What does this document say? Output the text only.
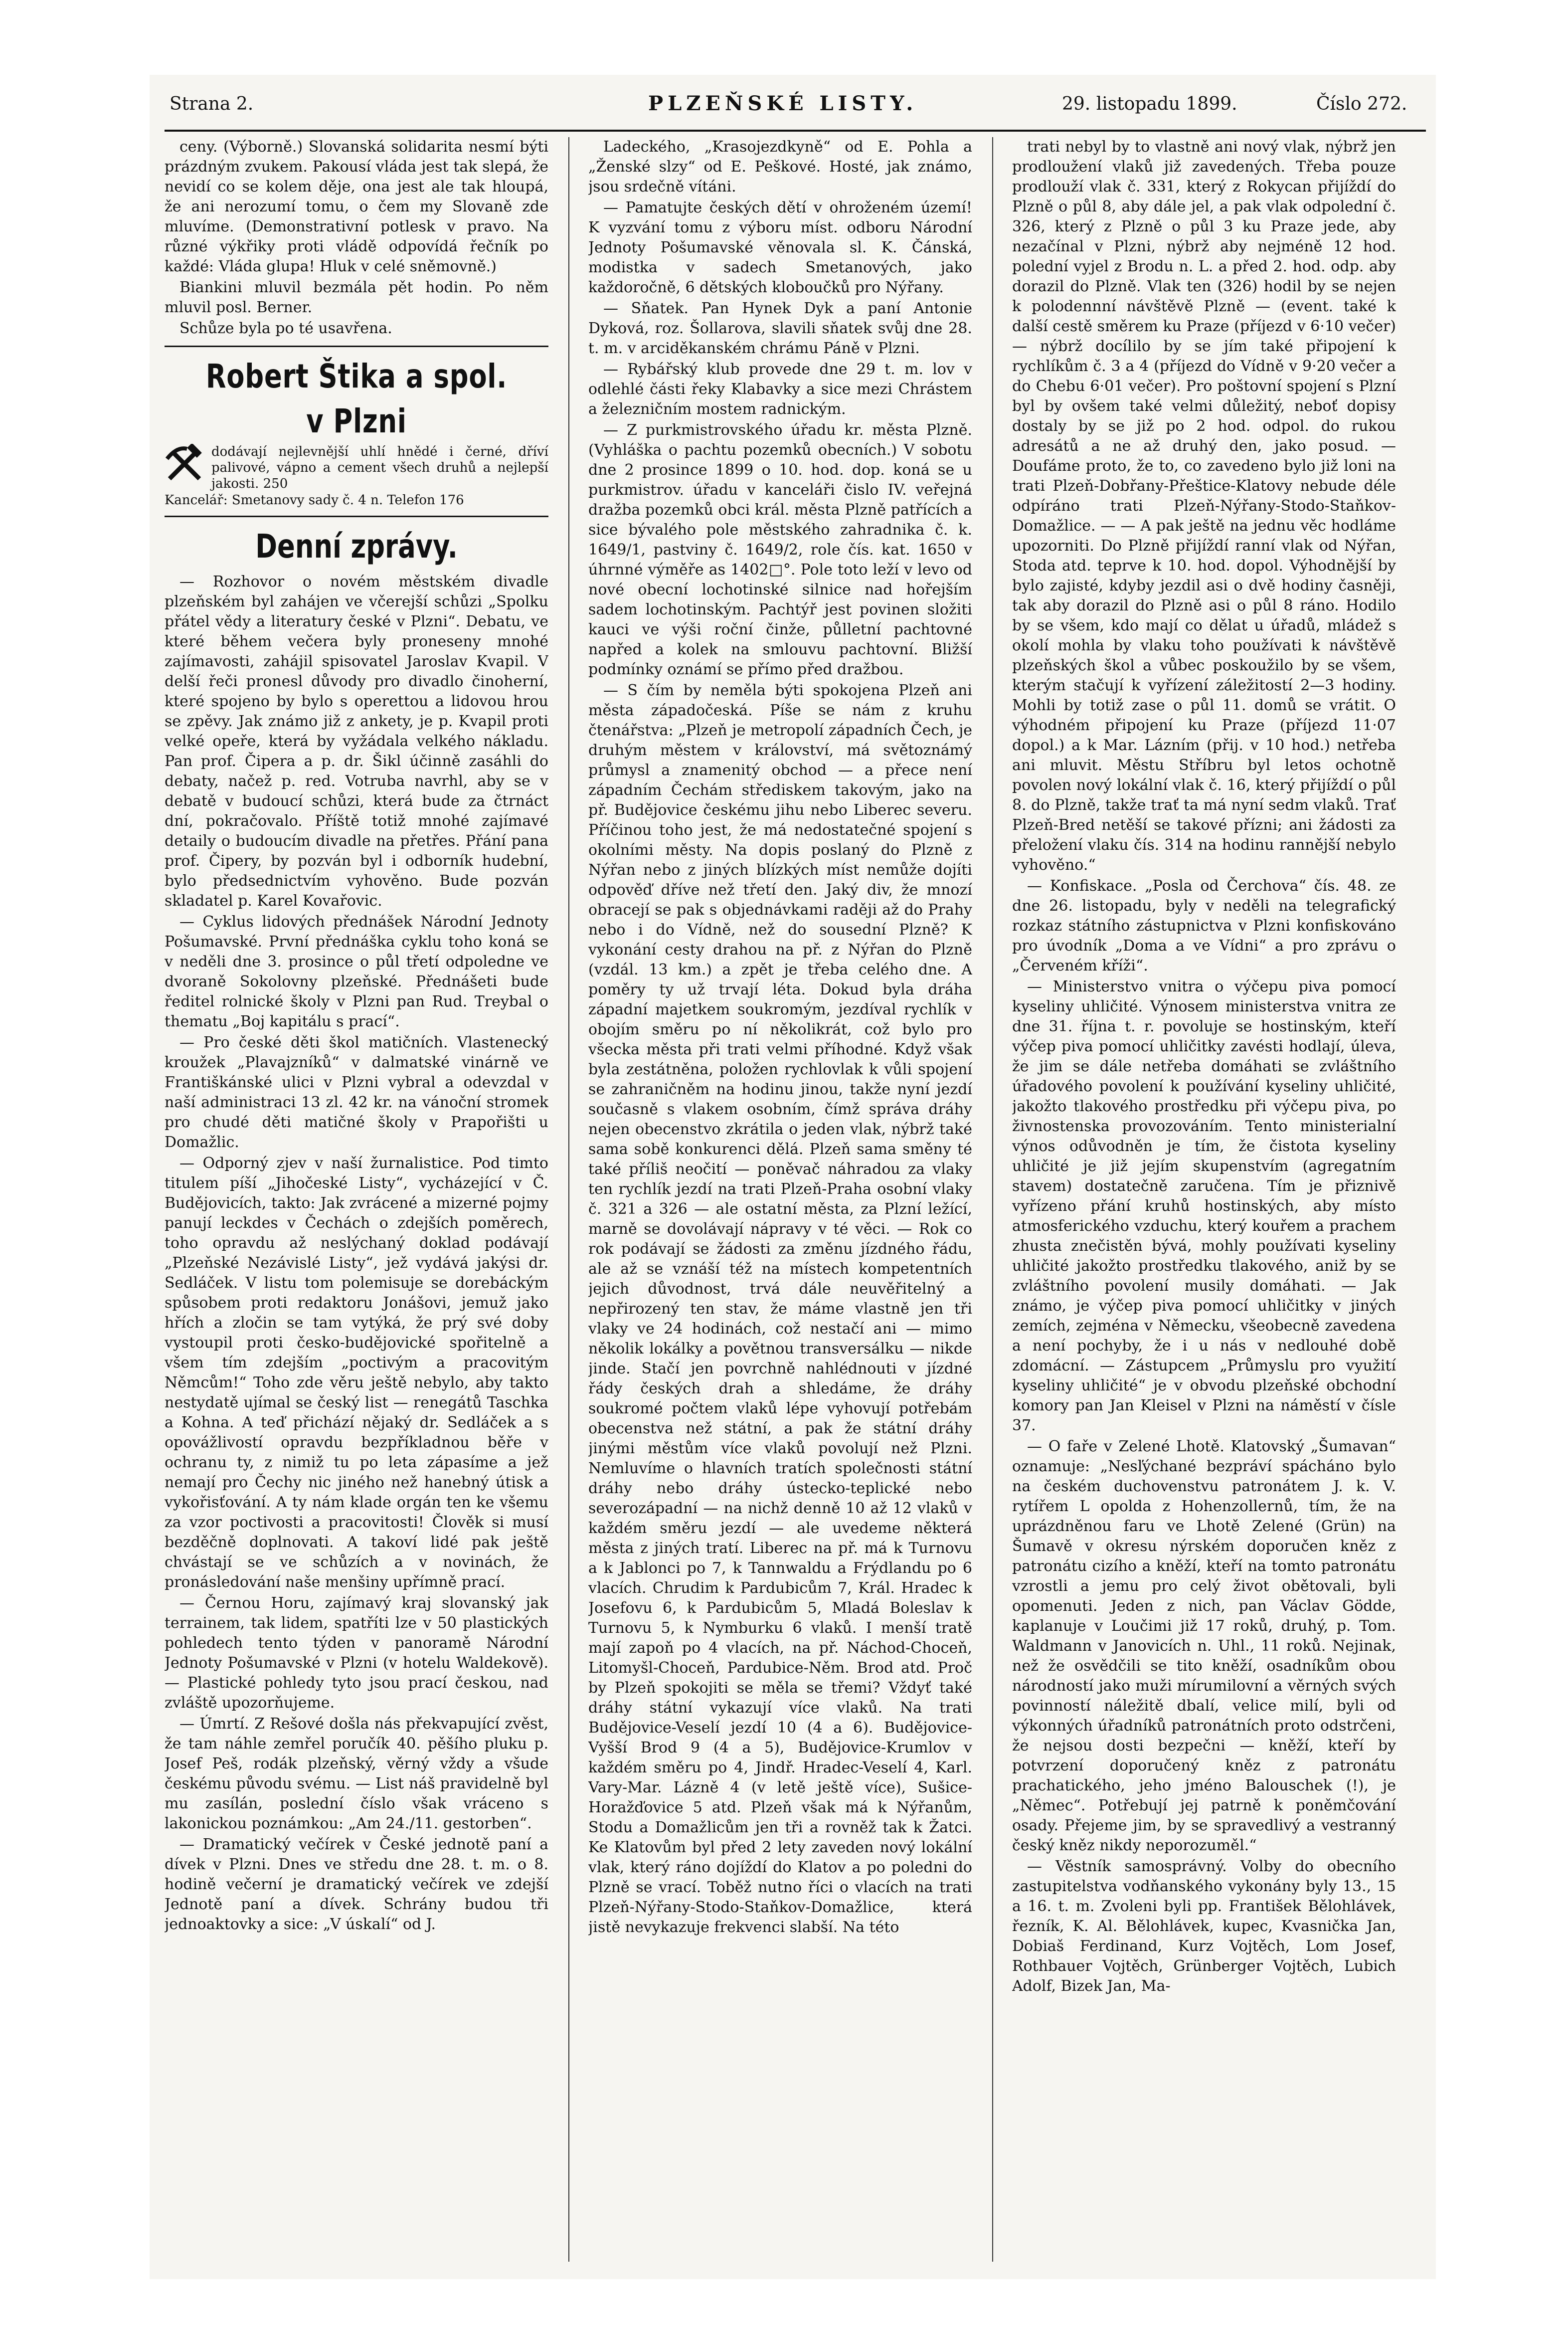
Strana 2.	PLZEŇSKÉ LISTY.	29. listopadu 1899.	Číslo 272.

ceny. (Výborně.) Slovanská solidarita nesmí býti prázdným zvukem. Pakousí vláda jest tak slepá, že nevidí co se kolem děje, ona jest ale tak hloupá, že ani nerozumí tomu, o čem my Slovaně zde mluvíme. (Demonstrativní potlesk v pravo. Na různé výkřiky proti vládě odpovídá řečník po každé: Vláda glupa! Hluk v celé sněmovně.)

Biankini mluvil bezmála pět hodin. Po něm mluvil posl. Berner.

Schůze byla po té usavřena.

Robert Štika a spol. v Plzni
dodávají nejlevnější uhlí hnědé i černé, dříví palivové, vápno a cement všech druhů a nejlepší jakosti. 250
Kancelář: Smetanovy sady č. 4 n. Telefon 176
Denní zprávy.

— Rozhovor o novém městském divadle plzeňském byl zahájen ve včerejší schůzi „Spolku přátel vědy a literatury české v Plzni“. Debatu, ve které během večera byly proneseny mnohé zajímavosti, zahájil spisovatel Jaroslav Kvapil. V delší řeči pronesl důvody pro divadlo činoherní, které spojeno by bylo s operettou a lidovou hrou se zpěvy. Jak známo již z ankety, je p. Kvapil proti velké opeře, která by vyžádala velkého nákladu. Pan prof. Čipera a p. dr. Šikl účinně zasáhli do debaty, načež p. red. Votruba navrhl, aby se v debatě v budoucí schůzi, která bude za čtrnáct dní, pokračovalo. Příště totiž mnohé zajímavé detaily o budoucím divadle na přetřes. Přání pana prof. Čipery, by pozván byl i odborník hudební, bylo předsednictvím vyhověno. Bude pozván skladatel p. Karel Kovařovic.

— Cyklus lidových přednášek Národní Jednoty Pošumavské. První přednáška cyklu toho koná se v neděli dne 3. prosince o půl třetí odpoledne ve dvoraně Sokolovny plzeňské. Přednášeti bude ředitel rolnické školy v Plzni pan Rud. Treybal o thematu „Boj kapitálu s prací“.

— Pro české děti škol matičních. Vlastenecký kroužek „Plavajzníků“ v dalmatské vinárně ve Františkánské ulici v Plzni vybral a odevzdal v naší administraci 13 zl. 42 kr. na vánoční stromek pro chudé děti matičné školy v Prapořišti u Domažlic.

— Odporný zjev v naší žurnalistice. Pod timto titulem píší „Jihočeské Listy“, vycházející v Č. Budějovicích, takto: Jak zvrácené a mizerné pojmy panují leckdes v Čechách o zdejších poměrech, toho opravdu až neslýchaný doklad podávají „Plzeňské Nezávislé Listy“, jež vydává jakýsi dr. Sedláček. V listu tom polemisuje se dorebáckým spůsobem proti redaktoru Jonášovi, jemuž jako hřích a zločin se tam vytýká, že prý své doby vystoupil proti česko-budějovické spořitelně a všem tím zdejším „poctivým a pracovitým Němcům!“ Toho zde věru ještě nebylo, aby takto nestydatě ujímal se český list — renegátů Taschka a Kohna. A teď přichází nějaký dr. Sedláček a s opovážlivostí opravdu bezpříkladnou běře v ochranu ty, z nimiž tu po leta zápasíme a jež nemají pro Čechy nic jiného než hanebný útisk a vykořisťování. A ty nám klade orgán ten ke všemu za vzor poctivosti a pracovitosti! Člověk si musí bezděčně doplnovati. A takoví lidé pak ještě chvástají se ve schůzích a v novinách, že pronásledování naše menšiny upřímně prací.

— Černou Horu, zajímavý kraj slovanský jak terrainem, tak lidem, spatříti lze v 50 plastických pohledech tento týden v panoramě Národní Jednoty Pošumavské v Plzni (v hotelu Waldekově). — Plastické pohledy tyto jsou prací českou, nad zvláště upozorňujeme.

— Úmrtí. Z Rešové došla nás překvapující zvěst, že tam náhle zemřel poručík 40. pěšího pluku p. Josef Peš, rodák plzeňský, věrný vždy a všude českému původu svému. — List náš pravidelně byl mu zasílán, poslední číslo však vráceno s lakonickou poznámkou: „Am 24./11. gestorben“.

— Dramatický večírek v České jednotě paní a dívek v Plzni. Dnes ve středu dne 28. t. m. o 8. hodině večerní je dramatický večírek ve zdejší Jednotě paní a dívek. Schrány budou tři jednoaktovky a sice: „V úskalí“ od J.

Ladeckého, „Krasojezdkyně“ od E. Pohla a „Ženské slzy“ od E. Peškové. Hosté, jak známo, jsou srdečně vítáni.

— Pamatujte českých dětí v ohroženém území! K vyzvání tomu z výboru míst. odboru Národní Jednoty Pošumavské věnovala sl. K. Čánská, modistka v sadech Smetanových, jako každoročně, 6 dětských kloboučků pro Nýřany.

— Sňatek. Pan Hynek Dyk a paní Antonie Dyková, roz. Šollarova, slavili sňatek svůj dne 28. t. m. v arciděkanském chrámu Páně v Plzni.

— Rybářský klub provede dne 29 t. m. lov v odlehlé části řeky Klabavky a sice mezi Chrástem a železničním mostem radnickým.

— Z purkmistrovského úřadu kr. města Plzně. (Vyhláška o pachtu pozemků obecních.) V sobotu dne 2 prosince 1899 o 10. hod. dop. koná se u purkmistrov. úřadu v kanceláři čislo IV. veřejná dražba pozemků obci král. města Plzně patřících a sice bývalého pole městského zahradnika č. k. 1649/1, pastviny č. 1649/2, role čís. kat. 1650 v úhrnné výměře as 1402□°. Pole toto leží v levo od nové obecní lochotinské silnice nad hořejším sadem lochotinským. Pachtýř jest povinen složiti kauci ve výši roční činže, půlletní pachtovné napřed a kolek na smlouvu pachtovní. Bližší podmínky oznámí se přímo před dražbou.

— S čím by neměla býti spokojena Plzeň ani města západočeská. Píše se nám z kruhu čtenářstva: „Plzeň je metropolí západních Čech, je druhým městem v království, má světoznámý průmysl a znamenitý obchod — a přece není západním Čechám střediskem takovým, jako na př. Budějovice českému jihu nebo Liberec severu. Příčinou toho jest, že má nedostatečné spojení s okolními městy. Na dopis poslaný do Plzně z Nýřan nebo z jiných blízkých míst nemůže dojíti odpověď dříve než třetí den. Jaký div, že mnozí obracejí se pak s objednávkami raději až do Prahy nebo i do Vídně, než do sousední Plzně? K vykonání cesty drahou na př. z Nýřan do Plzně (vzdál. 13 km.) a zpět je třeba celého dne. A poměry ty už trvají léta. Dokud byla dráha západní majetkem soukromým, jezdíval rychlík v obojím směru po ní několikrát, což bylo pro všecka města při trati velmi příhodné. Když však byla zestátněna, položen rychlovlak k vůli spojení se zahraničněm na hodinu jinou, takže nyní jezdí současně s vlakem osobním, čímž správa dráhy nejen obecenstvo zkrátila o jeden vlak, nýbrž také sama sobě konkurenci dělá. Plzeň sama směny té také příliš neočití — poněvač náhradou za vlaky ten rychlík jezdí na trati Plzeň-Praha osobní vlaky č. 321 a 326 — ale ostatní města, za Plzní ležící, marně se dovolávají nápravy v té věci. — Rok co rok podávají se žádosti za změnu jízdného řádu, ale až se vznáší též na místech kompetentních jejich důvodnost, trvá dále neuvěřitelný a nepřirozený ten stav, že máme vlastně jen tři vlaky ve 24 hodinách, což nestačí ani — mimo několik lokálky a povětnou transversálku — nikde jinde. Stačí jen povrchně nahlédnouti v jízdné řády českých drah a shledáme, že dráhy soukromé počtem vlaků lépe vyhovují potřebám obecenstva než státní, a pak že státní dráhy jinými městům více vlaků povolují než Plzni. Nemluvíme o hlavních tratích společnosti státní dráhy nebo dráhy ústecko-teplické nebo severozápadní — na nichž denně 10 až 12 vlaků v každém směru jezdí — ale uvedeme některá města z jiných tratí. Liberec na př. má k Turnovu a k Jablonci po 7, k Tannwaldu a Frýdlandu po 6 vlacích. Chrudim k Pardubicům 7, Král. Hradec k Josefovu 6, k Pardubicům 5, Mladá Boleslav k Turnovu 5, k Nymburku 6 vlaků. I menší tratě mají zapoň po 4 vlacích, na př. Náchod-Choceň, Litomyšl-Choceň, Pardubice-Něm. Brod atd. Proč by Plzeň spokojiti se měla se třemi? Vždyť také dráhy státní vykazují více vlaků. Na trati Budějovice-Veselí jezdí 10 (4 a 6). Budějovice-Vyšší Brod 9 (4 a 5), Budějovice-Krumlov v každém směru po 4, Jindř. Hradec-Veselí 4, Karl. Vary-Mar. Lázně 4 (v letě ještě více), Sušice-Horažďovice 5 atd. Plzeň však má k Nýřanům, Stodu a Domažlicům jen tři a rovněž tak k Žatci. Ke Klatovům byl před 2 lety zaveden nový lokální vlak, který ráno dojíždí do Klatov a po poledni do Plzně se vrací. Toběž nutno říci o vlacích na trati Plzeň-Nýřany-Stodo-Staňkov-Domažlice, která jistě nevykazuje frekvenci slabší. Na této

trati nebyl by to vlastně ani nový vlak, nýbrž jen prodloužení vlaků již zavedených. Třeba pouze prodlouží vlak č. 331, který z Rokycan přijíždí do Plzně o půl 8, aby dále jel, a pak vlak odpolední č. 326, který z Plzně o půl 3 ku Praze jede, aby nezačínal v Plzni, nýbrž aby nejméně 12 hod. polední vyjel z Brodu n. L. a před 2. hod. odp. aby dorazil do Plzně. Vlak ten (326) hodil by se nejen k polodennní návštěvě Plzně — (event. také k další cestě směrem ku Praze (příjezd v 6·10 večer) — nýbrž docílilo by se jím také připojení k rychlíkům č. 3 a 4 (příjezd do Vídně v 9·20 večer a do Chebu 6·01 večer). Pro poštovní spojení s Plzní byl by ovšem také velmi důležitý, neboť dopisy dostaly by se již po 2 hod. odpol. do rukou adresátů a ne až druhý den, jako posud. — Doufáme proto, že to, co zavedeno bylo již loni na trati Plzeň-Dobřany-Přeštice-Klatovy nebude déle odpíráno trati Plzeň-Nýřany-Stodo-Staňkov-Domažlice. — — A pak ještě na jednu věc hodláme upozorniti. Do Plzně přijíždí ranní vlak od Nýřan, Stoda atd. teprve k 10. hod. dopol. Výhodnější by bylo zajisté, kdyby jezdil asi o dvě hodiny časněji, tak aby dorazil do Plzně asi o půl 8 ráno. Hodilo by se všem, kdo mají co dělat u úřadů, mládež s okolí mohla by vlaku toho používati k návštěvě plzeňských škol a vůbec poskoužilo by se všem, kterým stačují k vyřízení záležitostí 2—3 hodiny. Mohli by totiž zase o půl 11. domů se vrátit. O výhodném připojení ku Praze (příjezd 11·07 dopol.) a k Mar. Lázním (přij. v 10 hod.) netřeba ani mluvit. Městu Stříbru byl letos ochotně povolen nový lokální vlak č. 16, který přijíždí o půl 8. do Plzně, takže trať ta má nyní sedm vlaků. Trať Plzeň-Bred netěší se takové přízni; ani žádosti za přeložení vlaku čís. 314 na hodinu rannější nebylo vyhověno.“

— Konfiskace. „Posla od Čerchova“ čís. 48. ze dne 26. listopadu, byly v neděli na telegrafický rozkaz státního zástupnictva v Plzni konfiskováno pro úvodník „Doma a ve Vídni“ a pro zprávu o „Červeném kříži“.

— Ministerstvo vnitra o výčepu piva pomocí kyseliny uhličité. Výnosem ministerstva vnitra ze dne 31. října t. r. povoluje se hostinským, kteří výčep piva pomocí uhličitky zavésti hodlají, úleva, že jim se dále netřeba domáhati se zvláštního úřadového povolení k používání kyseliny uhličité, jakožto tlakového prostředku při výčepu piva, po živnostenska provozováním. Tento ministerialní výnos odůvodněn je tím, že čistota kyseliny uhličité je již jejím skupenstvím (agregatním stavem) dostatečně zaručena. Tím je přiznivě vyřízeno přání kruhů hostinských, aby místo atmosferického vzduchu, který kouřem a prachem zhusta znečistěn bývá, mohly používati kyseliny uhličité jakožto prostředku tlakového, aniž by se zvláštního povolení musily domáhati. — Jak známo, je výčep piva pomocí uhličitky v jiných zemích, zejména v Německu, všeobecně zavedena a není pochyby, že i u nás v nedlouhé době zdomácní. — Zástupcem „Průmyslu pro využití kyseliny uhličité“ je v obvodu plzeňské obchodní komory pan Jan Kleisel v Plzni na náměstí v čísle 37.

— O faře v Zelené Lhotě. Klatovský „Šumavan“ oznamuje: „Nesľýchané bezpráví spácháno bylo na českém duchovenstvu patronátem J. k. V. rytířem L opolda z Hohenzollernů, tím, že na uprázdněnou faru ve Lhotě Zelené (Grün) na Šumavě v okresu nýrském doporučen kněz z patronátu cizího a kněží, kteří na tomto patronátu vzrostli a jemu pro celý život obětovali, byli opomenuti. Jeden z nich, pan Václav Gödde, kaplanuje v Loučimi již 17 roků, druhý, p. Tom. Waldmann v Janovicích n. Uhl., 11 roků. Nejinak, než že osvědčili se tito kněží, osadníkům obou národností jako muži mírumilovní a věrných svých povinností náležitě dbalí, velice milí, byli od výkonných úřadníků patronátních proto odstrčeni, že nejsou dosti bezpečni — kněží, kteří by potvrzení doporučený kněz z patronátu prachatického, jeho jméno Balouschek (!), je „Němec“. Potřebují jej patrně k poněmčování osady. Přejeme jim, by se spravedlivý a vestranný český kněz nikdy neporozuměl.“

— Věstník samosprávný. Volby do obecního zastupitelstva vodňanského vykonány byly 13., 15 a 16. t. m. Zvoleni byli pp. František Bělohlávek, řezník, K. Al. Bělohlávek, kupec, Kvasnička Jan, Dobiaš Ferdinand, Kurz Vojtěch, Lom Josef, Rothbauer Vojtěch, Grünberger Vojtěch, Lubich Adolf, Bizek Jan, Ma-
